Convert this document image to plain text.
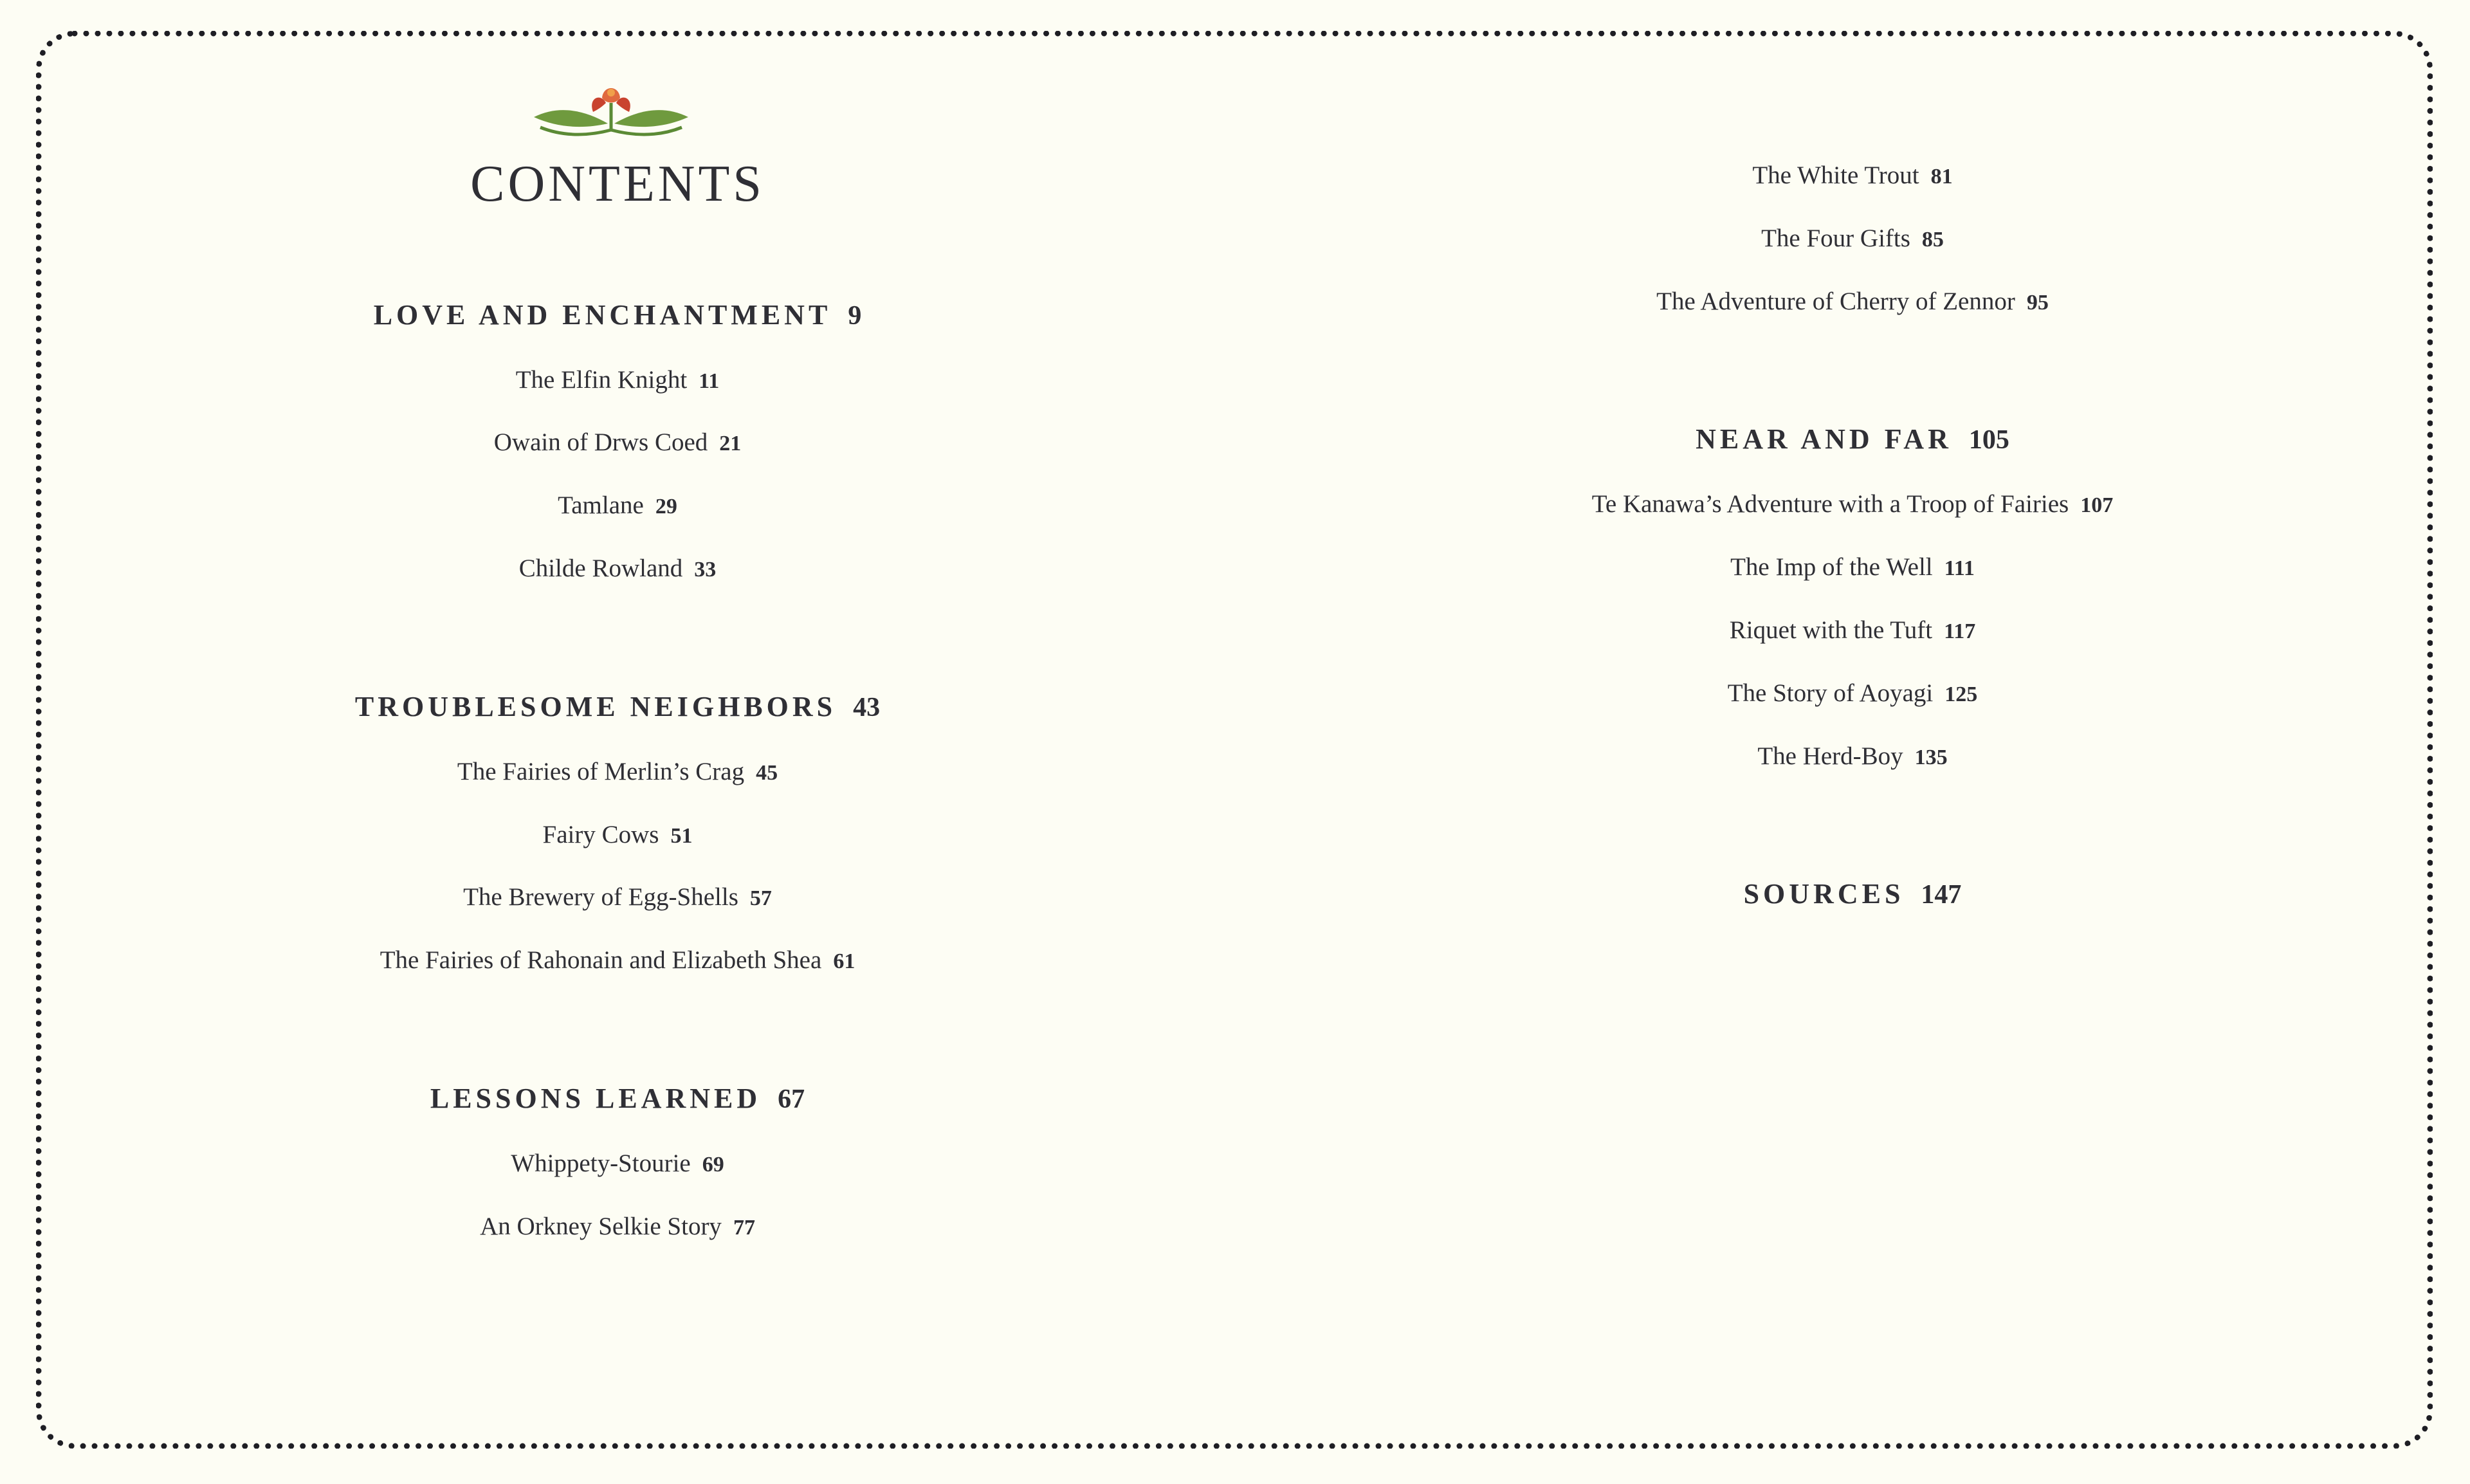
CONTENTS
LOVE AND ENCHANTMENT 9
The Elfin Knight 11
Owain of Drws Coed 21
Tamlane 29
Childe Rowland 33
TROUBLESOME NEIGHBORS 43
The Fairies of Merlin’s Crag 45
Fairy Cows 51
The Brewery of Egg-Shells 57
The Fairies of Rahonain and Elizabeth Shea 61
LESSONS LEARNED 67
Whippety-Stourie 69
An Orkney Selkie Story 77
The White Trout 81
The Four Gifts 85
The Adventure of Cherry of Zennor 95
NEAR AND FAR 105
Te Kanawa’s Adventure with a Troop of Fairies 107
The Imp of the Well 111
Riquet with the Tuft 117
The Story of Aoyagi 125
The Herd-Boy 135
SOURCES 147
